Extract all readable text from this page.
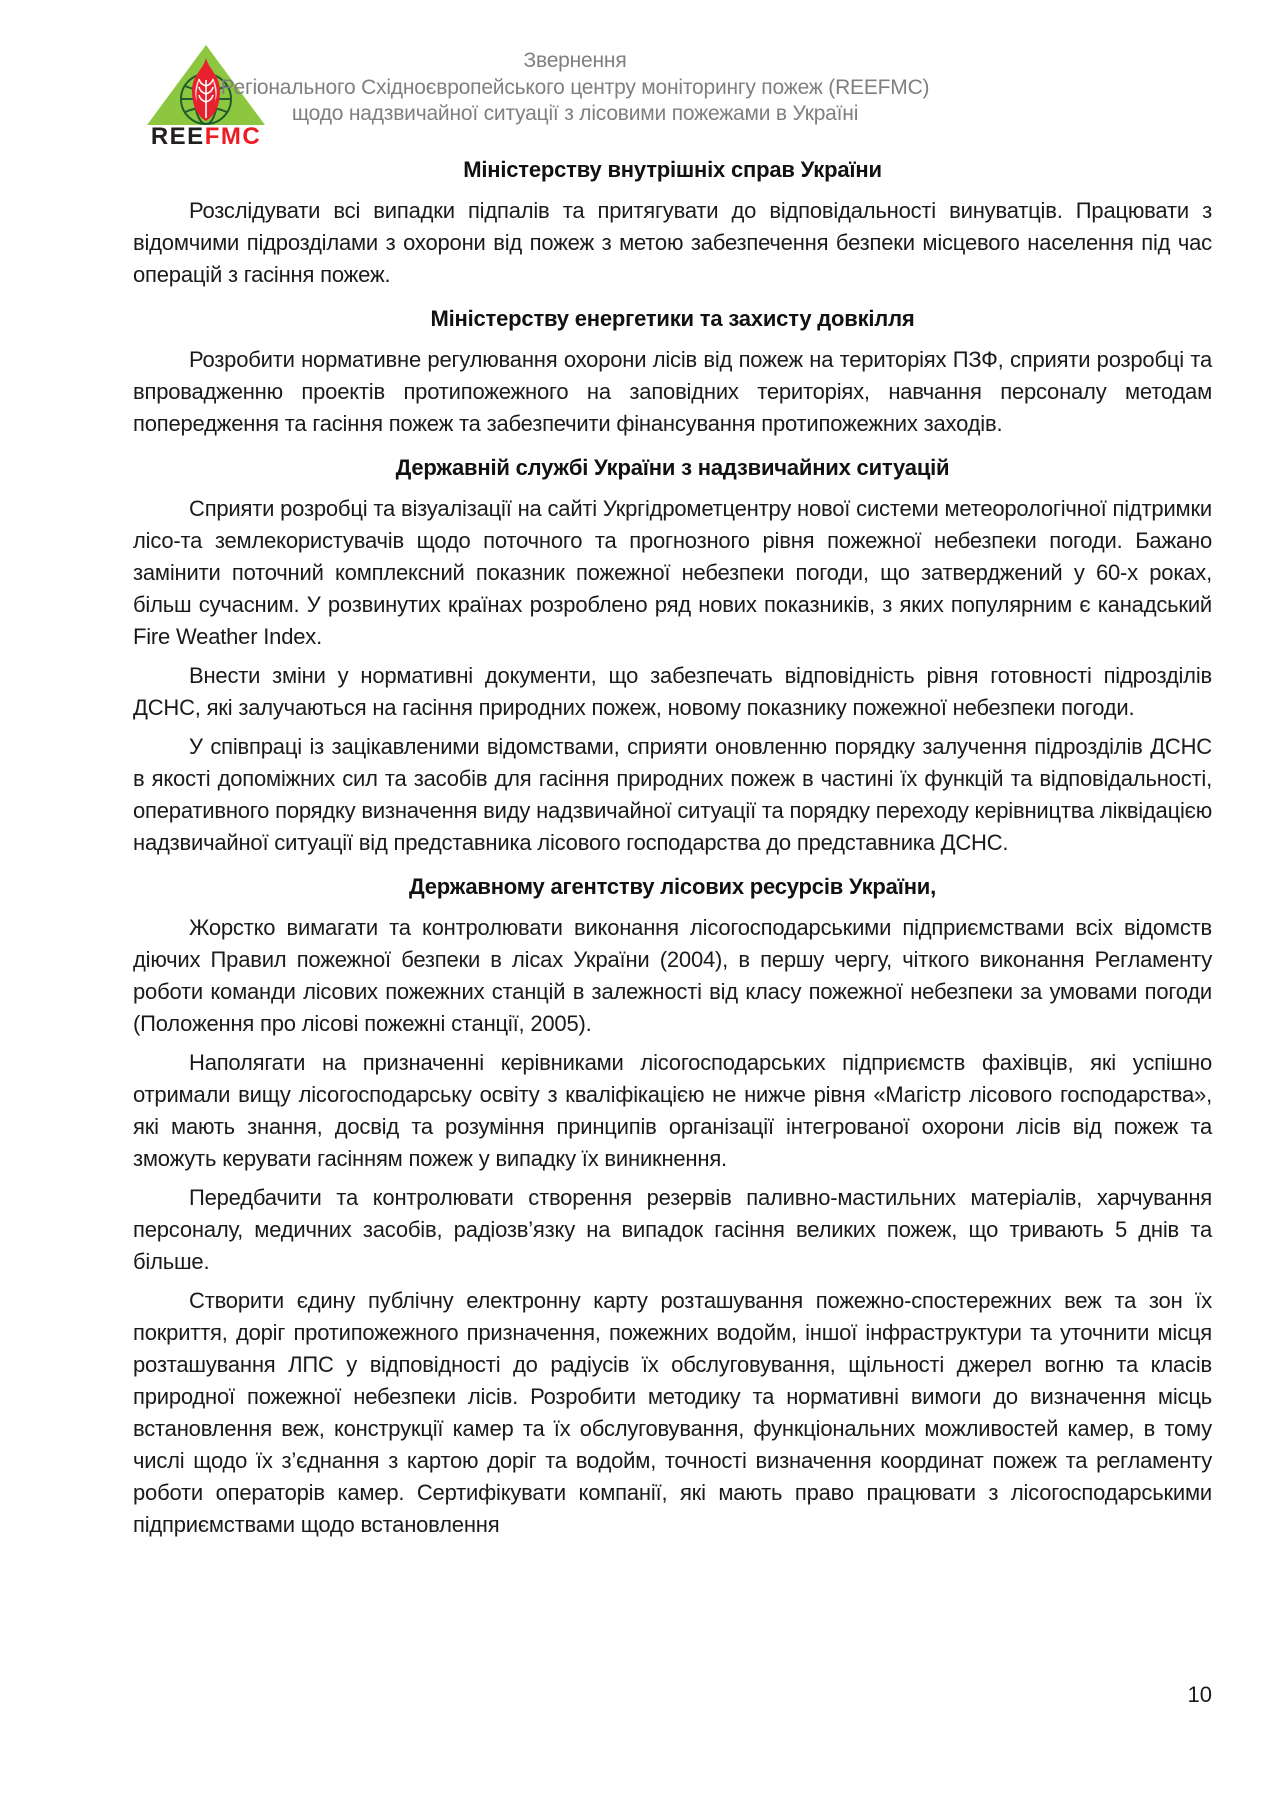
REEFMC
Звернення
Регіонального Східноєвропейського центру моніторингу пожеж (REEFMC)
щодо надзвичайної ситуації з лісовими пожежами в Україні
Міністерству внутрішніх справ України

Розслідувати всі випадки підпалів та притягувати до відповідальності винуватців. Працювати з відомчими підрозділами з охорони від пожеж з метою забезпечення безпеки місцевого населення під час операцій з гасіння пожеж.

Міністерству енергетики та захисту довкілля

Розробити нормативне регулювання охорони лісів від пожеж на територіях ПЗФ, сприяти розробці та впровадженню проектів протипожежного на заповідних територіях, навчання персоналу методам попередження та гасіння пожеж та забезпечити фінансування протипожежних заходів.

Державній службі України з надзвичайних ситуацій

Сприяти розробці та візуалізації на сайті Укргідрометцентру нової системи метеорологічної підтримки лісо-та землекористувачів щодо поточного та прогнозного рівня пожежної небезпеки погоди. Бажано замінити поточний комплексний показник пожежної небезпеки погоди, що затверджений у 60-х роках, більш сучасним. У розвинутих країнах розроблено ряд нових показників, з яких популярним є канадський Fire Weather Index.

Внести зміни у нормативні документи, що забезпечать відповідність рівня готовності підрозділів ДСНС, які залучаються на гасіння природних пожеж, новому показнику пожежної небезпеки погоди.

У співпраці із зацікавленими відомствами, сприяти оновленню порядку залучення підрозділів ДСНС в якості допоміжних сил та засобів для гасіння природних пожеж в частині їх функцій та відповідальності, оперативного порядку визначення виду надзвичайної ситуації та порядку переходу керівництва ліквідацією надзвичайної ситуації від представника лісового господарства до представника ДСНС.

Державному агентству лісових ресурсів України,

Жорстко вимагати та контролювати виконання лісогосподарськими підприємствами всіх відомств діючих Правил пожежної безпеки в лісах України (2004), в першу чергу, чіткого виконання Регламенту роботи команди лісових пожежних станцій в залежності від класу пожежної небезпеки за умовами погоди (Положення про лісові пожежні станції, 2005).

Наполягати на призначенні керівниками лісогосподарських підприємств фахівців, які успішно отримали вищу лісогосподарську освіту з кваліфікацією не нижче рівня «Магістр лісового господарства», які мають знання, досвід та розуміння принципів організації інтегрованої охорони лісів від пожеж та зможуть керувати гасінням пожеж у випадку їх виникнення.

Передбачити та контролювати створення резервів паливно-мастильних матеріалів, харчування персоналу, медичних засобів, радіозв’язку на випадок гасіння великих пожеж, що тривають 5 днів та більше.

Створити єдину публічну електронну карту розташування пожежно-спостережних веж та зон їх покриття, доріг протипожежного призначення, пожежних водойм, іншої інфраструктури та уточнити місця розташування ЛПС у відповідності до радіусів їх обслуговування, щільності джерел вогню та класів природної пожежної небезпеки лісів. Розробити методику та нормативні вимоги до визначення місць встановлення веж, конструкції камер та їх обслуговування, функціональних можливостей камер, в тому числі щодо їх з’єднання з картою доріг та водойм, точності визначення координат пожеж та регламенту роботи операторів камер. Сертифікувати компанії, які мають право працювати з лісогосподарськими підприємствами щодо встановлення

10
